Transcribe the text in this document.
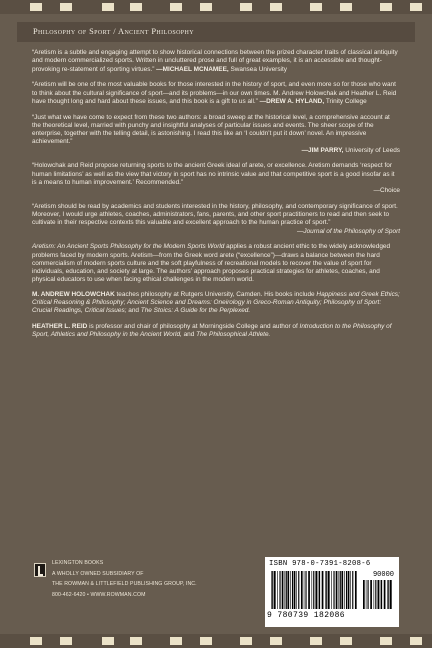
Philosophy of Sport / Ancient Philosophy
“Aretism is a subtle and engaging attempt to show historical connections between the prized character traits of classical antiquity and modern commercialized sports. Written in uncluttered prose and full of great examples, it is an accessible and thought-provoking re-statement of sporting virtues.” —MICHAEL MCNAMEE, Swansea University
“Aretism will be one of the most valuable books for those interested in the history of sport, and even more so for those who want to think about the cultural significance of sport—and its problems—in our own times. M. Andrew Holowchak and Heather L. Reid have thought long and hard about these issues, and this book is a gift to us all.” —DREW A. HYLAND, Trinity College
“Just what we have come to expect from these two authors: a broad sweep at the historical level, a comprehensive account at the theoretical level, married with punchy and insightful analyses of particular issues and events. The sheer scope of the enterprise, together with the telling detail, is astonishing. I read this like an ‘I couldn’t put it down’ novel. An impressive achievement.”
—JIM PARRY, University of Leeds
“Holowchak and Reid propose returning sports to the ancient Greek ideal of arete, or excellence. Aretism demands ‘respect for human limitations’ as well as the view that victory in sport has no intrinsic value and that competitive sport is a good insofar as it is a means to human improvement.’ Recommended.”
—Choice
“Aretism should be read by academics and students interested in the history, philosophy, and contemporary significance of sport. Moreover, I would urge athletes, coaches, administrators, fans, parents, and other sport practitioners to read and then seek to cultivate in their respective contexts this valuable and excellent approach to the human practice of sport.”
—Journal of the Philosophy of Sport
Aretism: An Ancient Sports Philosophy for the Modern Sports World applies a robust ancient ethic to the widely acknowledged problems faced by modern sports. Aretism—from the Greek word arete (“excellence”)—draws a balance between the hard commercialism of modern sports culture and the soft playfulness of recreational models to recover the value of sport for individuals, education, and society at large. The authors’ approach proposes practical strategies for athletes, coaches, and physical educators to use when facing ethical challenges in the modern world.
M. ANDREW HOLOWCHAK teaches philosophy at Rutgers University, Camden. His books include Happiness and Greek Ethics; Critical Reasoning & Philosophy; Ancient Science and Dreams: Oneirology in Greco-Roman Antiquity; Philosophy of Sport: Crucial Readings, Critical Issues; and The Stoics: A Guide for the Perplexed.
HEATHER L. REID is professor and chair of philosophy at Morningside College and author of Introduction to the Philosophy of Sport, Athletics and Philosophy in the Ancient World, and The Philosophical Athlete.
LEXINGTON BOOKS
A WHOLLY OWNED SUBSIDIARY OF
THE ROWMAN & LITTLEFIELD PUBLISHING GROUP, INC.
800-462-6420 • WWW.ROWMAN.COM
ISBN 978-0-7391-8208-6
90000
9 780739 182086
